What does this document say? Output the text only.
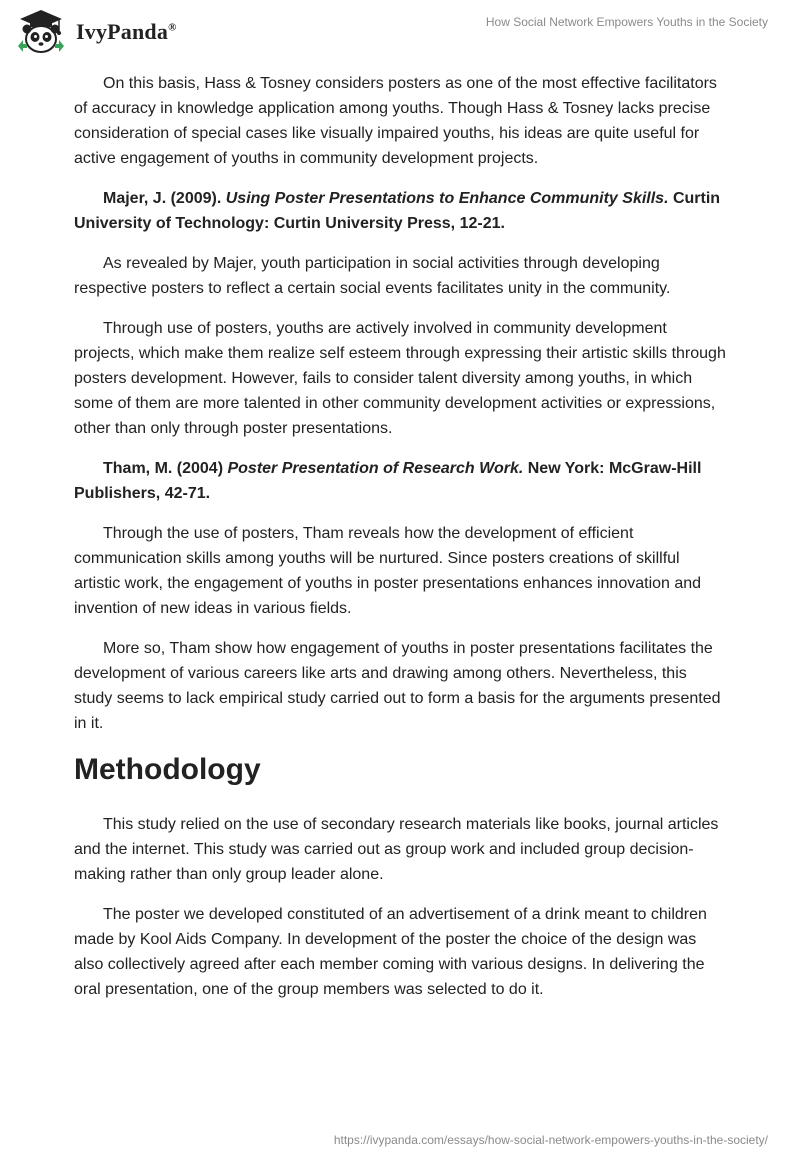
IvyPanda®	How Social Network Empowers Youths in the Society

On this basis, Hass & Tosney considers posters as one of the most effective facilitators of accuracy in knowledge application among youths. Though Hass & Tosney lacks precise consideration of special cases like visually impaired youths, his ideas are quite useful for active engagement of youths in community development projects.

Majer, J. (2009). Using Poster Presentations to Enhance Community Skills. Curtin University of Technology: Curtin University Press, 12-21.

As revealed by Majer, youth participation in social activities through developing respective posters to reflect a certain social events facilitates unity in the community.

Through use of posters, youths are actively involved in community development projects, which make them realize self esteem through expressing their artistic skills through posters development. However, fails to consider talent diversity among youths, in which some of them are more talented in other community development activities or expressions, other than only through poster presentations.

Tham, M. (2004) Poster Presentation of Research Work. New York: McGraw-Hill Publishers, 42-71.

Through the use of posters, Tham reveals how the development of efficient communication skills among youths will be nurtured. Since posters creations of skillful artistic work, the engagement of youths in poster presentations enhances innovation and invention of new ideas in various fields.

More so, Tham show how engagement of youths in poster presentations facilitates the development of various careers like arts and drawing among others. Nevertheless, this study seems to lack empirical study carried out to form a basis for the arguments presented in it.

Methodology

This study relied on the use of secondary research materials like books, journal articles and the internet. This study was carried out as group work and included group decision-making rather than only group leader alone.

The poster we developed constituted of an advertisement of a drink meant to children made by Kool Aids Company. In development of the poster the choice of the design was also collectively agreed after each member coming with various designs. In delivering the oral presentation, one of the group members was selected to do it.

https://ivypanda.com/essays/how-social-network-empowers-youths-in-the-society/
